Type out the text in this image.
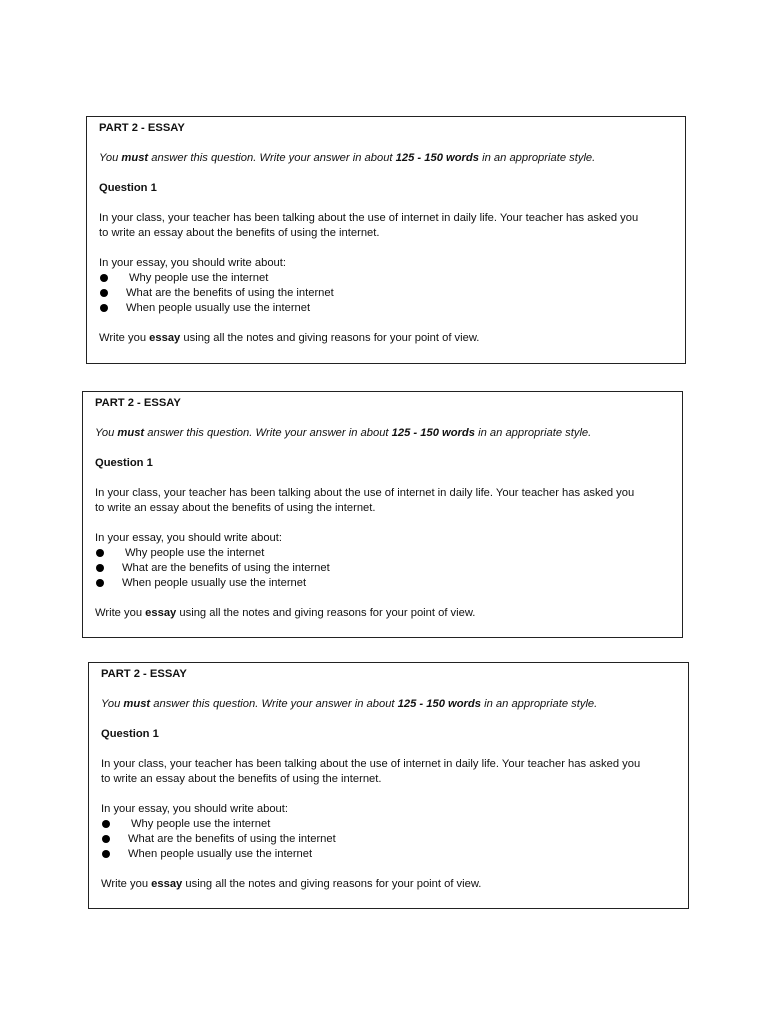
PART 2 - ESSAY

You must answer this question. Write your answer in about 125 - 150 words in an appropriate style.

Question 1

In your class, your teacher has been talking about the use of internet in daily life. Your teacher has asked you

to write an essay about the benefits of using the internet.

In your essay, you should write about:

Why people use the internet
What are the benefits of using the internet
When people usually use the internet

Write you essay using all the notes and giving reasons for your point of view.

PART 2 - ESSAY

You must answer this question. Write your answer in about 125 - 150 words in an appropriate style.

Question 1

In your class, your teacher has been talking about the use of internet in daily life. Your teacher has asked you

to write an essay about the benefits of using the internet.

In your essay, you should write about:

Why people use the internet
What are the benefits of using the internet
When people usually use the internet

Write you essay using all the notes and giving reasons for your point of view.

PART 2 - ESSAY

You must answer this question. Write your answer in about 125 - 150 words in an appropriate style.

Question 1

In your class, your teacher has been talking about the use of internet in daily life. Your teacher has asked you

to write an essay about the benefits of using the internet.

In your essay, you should write about:

Why people use the internet
What are the benefits of using the internet
When people usually use the internet

Write you essay using all the notes and giving reasons for your point of view.
